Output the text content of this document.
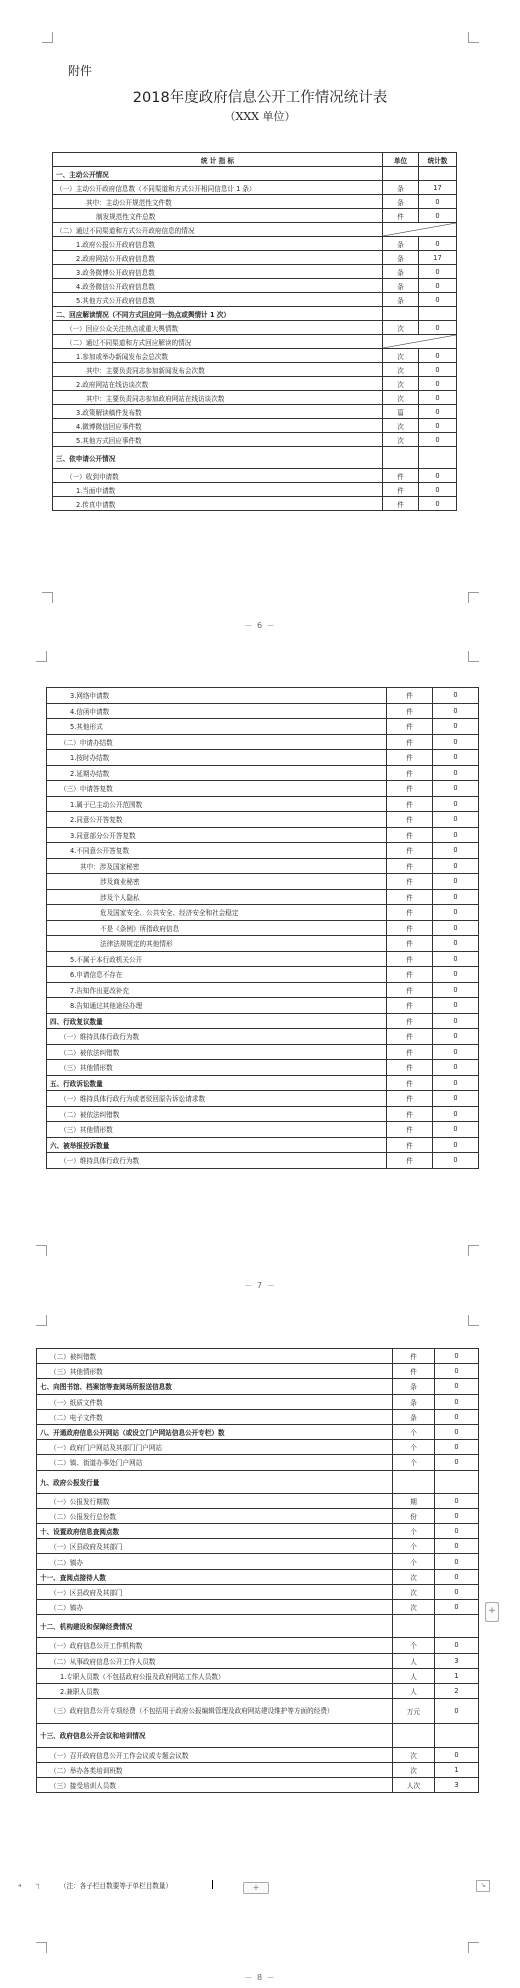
附件
2018年度政府信息公开工作情况统计表
（XXX 单位）
统 计 指 标	单位	统计数
一、主动公开情况		
（一）主动公开政府信息数（不同渠道和方式公开相同信息计 1 条）	条	17
其中：主动公开规范性文件数	条	0
制发规范性文件总数	件	0
（二）通过不同渠道和方式公开政府信息的情况	

1.政府公报公开政府信息数	条	0
2.政府网站公开政府信息数	条	17
3.政务微博公开政府信息数	条	0
4.政务微信公开政府信息数	条	0
5.其他方式公开政府信息数	条	0
二、回应解读情况（不同方式回应同一热点或舆情计 1 次）		
（一）回应公众关注热点或重大舆情数	次	0
（二）通过不同渠道和方式回应解读的情况	

1.参加或举办新闻发布会总次数	次	0
其中：主要负责同志参加新闻发布会次数	次	0
2.政府网站在线访谈次数	次	0
其中：主要负责同志参加政府网站在线访谈次数	次	0
3.政策解读稿件发布数	篇	0
4.微博微信回应事件数	次	0
5.其他方式回应事件数	次	0
三、依申请公开情况		
（一）收到申请数	件	0
1.当面申请数	件	0
2.传真申请数	件	0
－ 6 －
3.网络申请数	件	0
4.信函申请数	件	0
5.其他形式	件	0
（二）申请办结数	件	0
1.按时办结数	件	0
2.延期办结数	件	0
（三）申请答复数	件	0
1.属于已主动公开范围数	件	0
2.同意公开答复数	件	0
3.同意部分公开答复数	件	0
4.不同意公开答复数	件	0
其中：涉及国家秘密	件	0
涉及商业秘密	件	0
涉及个人隐私	件	0
危及国家安全、公共安全、经济安全和社会稳定	件	0
不是《条例》所指政府信息	件	0
法律法规规定的其他情形	件	0
5.不属于本行政机关公开	件	0
6.申请信息不存在	件	0
7.告知作出更改补充	件	0
8.告知通过其他途径办理	件	0
四、行政复议数量	件	0
（一）维持具体行政行为数	件	0
（二）被依法纠错数	件	0
（三）其他情形数	件	0
五、行政诉讼数量	件	0
（一）维持具体行政行为或者驳回原告诉讼请求数	件	0
（二）被依法纠错数	件	0
（三）其他情形数	件	0
六、被举报投诉数量	件	0
（一）维持具体行政行为数	件	0
－ 7 －
（二）被纠错数	件	0
（三）其他情形数	件	0
七、向图书馆、档案馆等查阅场所报送信息数	条	0
（一）纸质文件数	条	0
（二）电子文件数	条	0
八、开通政府信息公开网站（或设立门户网站信息公开专栏）数	个	0
（一）政府门户网站及其部门门户网站	个	0
（二）镇、街道办事处门户网站	个	0
九、政府公报发行量		
（一）公报发行期数	期	0
（二）公报发行总份数	份	0
十、设置政府信息查阅点数	个	0
（一）区县政府及其部门	个	0
（二）镇办	个	0
十一、查阅点接待人数	次	0
（一）区县政府及其部门	次	0
（二）镇办	次	0
十二、机构建设和保障经费情况		
（一）政府信息公开工作机构数	个	0
（二）从事政府信息公开工作人员数	人	3
1.专职人员数（不包括政府公报及政府网站工作人员数）	人	1
2.兼职人员数	人	2
（三）政府信息公开专项经费（不包括用于政府公报编辑管理及政府网站建设维护等方面的经费）	万元	0
十三、政府信息公开会议和培训情况		
（一）召开政府信息公开工作会议或专题会议数	次	0
（二）举办各类培训班数	次	1
（三）接受培训人员数	人次	3
－ 8 －
+
◂ ┐	（注：各子栏目数要等于单栏目数量）	+	↘
